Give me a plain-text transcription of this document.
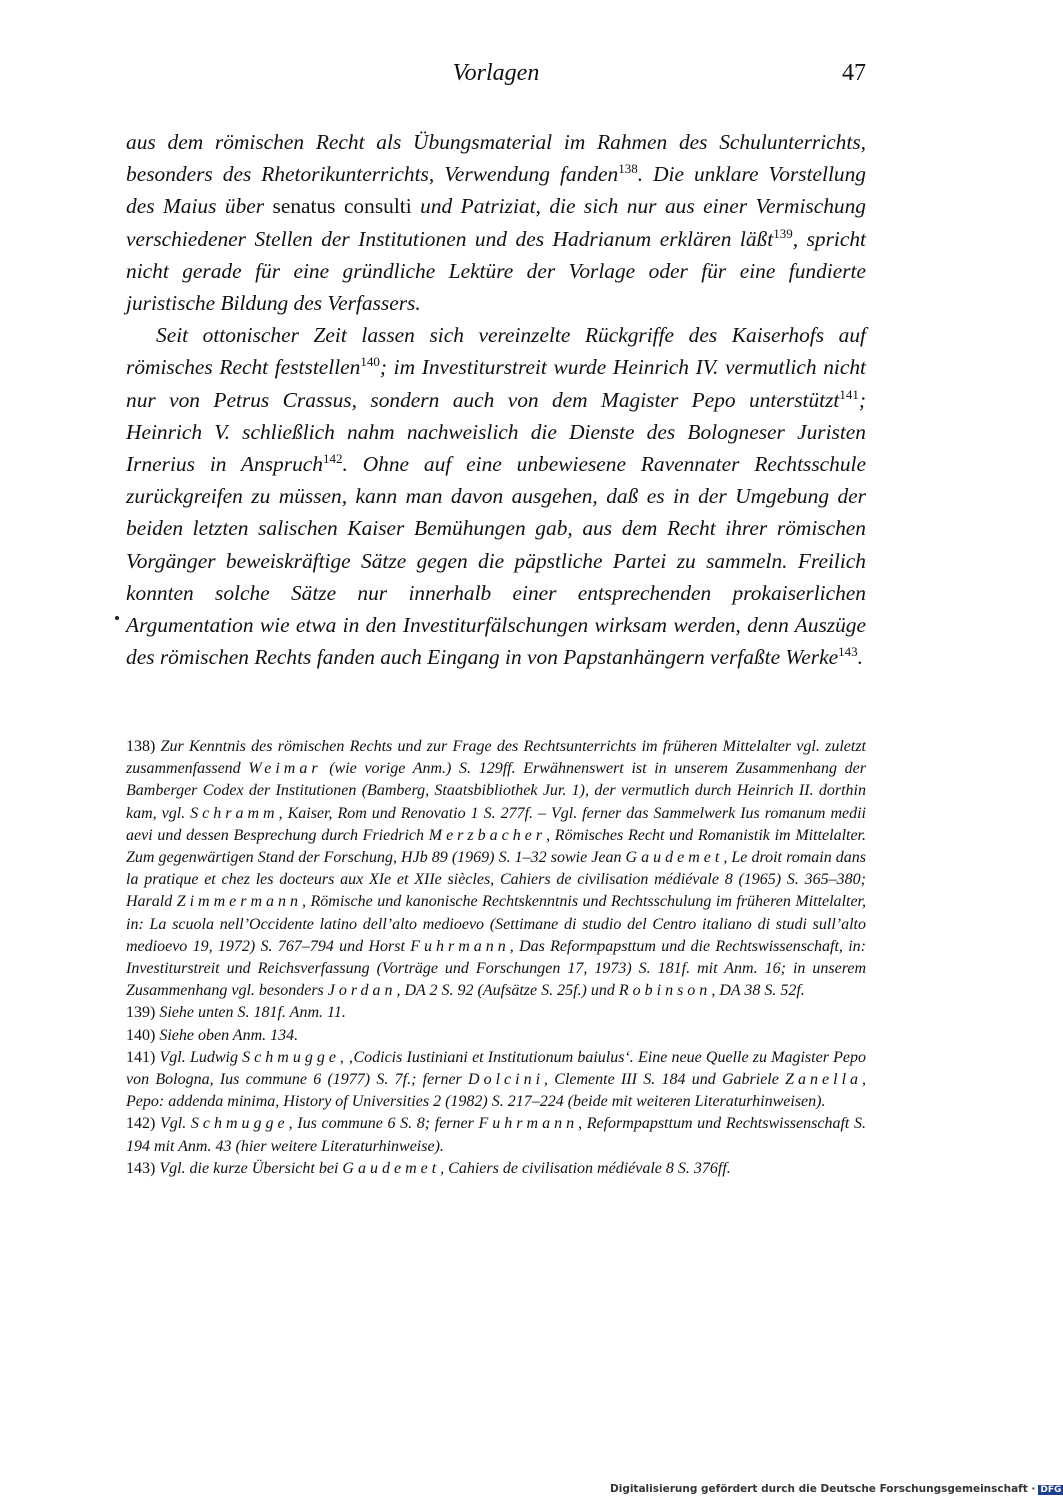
Vorlagen	47

aus dem römischen Recht als Übungsmaterial im Rahmen des Schulunterrichts, besonders des Rhetorikunterrichts, Verwendung fanden$^{138}$. Die unklare Vorstellung des Maius über senatus consulti und Patriziat, die sich nur aus einer Vermischung verschiedener Stellen der Institutionen und des Hadrianum erklären läßt$^{139}$, spricht nicht gerade für eine gründliche Lektüre der Vorlage oder für eine fundierte juristische Bildung des Verfassers.

Seit ottonischer Zeit lassen sich vereinzelte Rückgriffe des Kaiserhofs auf römisches Recht feststellen$^{140}$; im Investiturstreit wurde Heinrich IV. vermutlich nicht nur von Petrus Crassus, sondern auch von dem Magister Pepo unterstützt$^{141}$; Heinrich V. schließlich nahm nachweislich die Dienste des Bologneser Juristen Irnerius in Anspruch$^{142}$. Ohne auf eine unbewiesene Ravennater Rechtsschule zurückgreifen zu müssen, kann man davon ausgehen, daß es in der Umgebung der beiden letzten salischen Kaiser Bemühungen gab, aus dem Recht ihrer römischen Vorgänger beweiskräftige Sätze gegen die päpstliche Partei zu sammeln. Freilich konnten solche Sätze nur innerhalb einer entsprechenden prokaiserlichen Argumentation wie etwa in den Investiturfälschungen wirksam werden, denn Auszüge des römischen Rechts fanden auch Eingang in von Papstanhängern verfaßte Werke$^{143}$.

138) Zur Kenntnis des römischen Rechts und zur Frage des Rechtsunterrichts im früheren Mittelalter vgl. zuletzt zusammenfassend Weimar (wie vorige Anm.) S. 129ff. Erwähnenswert ist in unserem Zusammenhang der Bamberger Codex der Institutionen (Bamberg, Staatsbibliothek Jur. 1), der vermutlich durch Heinrich II. dorthin kam, vgl. Schramm, Kaiser, Rom und Renovatio 1 S. 277f. – Vgl. ferner das Sammelwerk Ius romanum medii aevi und dessen Besprechung durch Friedrich Merzbacher, Römisches Recht und Romanistik im Mittelalter. Zum gegenwärtigen Stand der Forschung, HJb 89 (1969) S. 1–32 sowie Jean Gaudemet, Le droit romain dans la pratique et chez les docteurs aux XIe et XIIe siècles, Cahiers de civilisation médiévale 8 (1965) S. 365–380; Harald Zimmermann, Römische und kanonische Rechtskenntnis und Rechtsschulung im früheren Mittelalter, in: La scuola nell’Occidente latino dell’alto medioevo (Settimane di studio del Centro italiano di studi sull’alto medioevo 19, 1972) S. 767–794 und Horst Fuhrmann, Das Reformpapsttum und die Rechtswissenschaft, in: Investiturstreit und Reichsverfassung (Vorträge und Forschungen 17, 1973) S. 181f. mit Anm. 16; in unserem Zusammenhang vgl. besonders Jordan, DA 2 S. 92 (Aufsätze S. 25f.) und Robinson, DA 38 S. 52f.

139) Siehe unten S. 181f. Anm. 11.

140) Siehe oben Anm. 134.

141) Vgl. Ludwig Schmugge, ‚Codicis Iustiniani et Institutionum baiulus‘. Eine neue Quelle zu Magister Pepo von Bologna, Ius commune 6 (1977) S. 7f.; ferner Dolcini, Clemente III S. 184 und Gabriele Zanella, Pepo: addenda minima, History of Universities 2 (1982) S. 217–224 (beide mit weiteren Literaturhinweisen).

142) Vgl. Schmugge, Ius commune 6 S. 8; ferner Fuhrmann, Reformpapsttum und Rechtswissenschaft S. 194 mit Anm. 43 (hier weitere Literaturhinweise).

143) Vgl. die kurze Übersicht bei Gaudemet, Cahiers de civilisation médiévale 8 S. 376ff.

Digitalisierung gefördert durch die Deutsche Forschungsgemeinschaft · DFG
